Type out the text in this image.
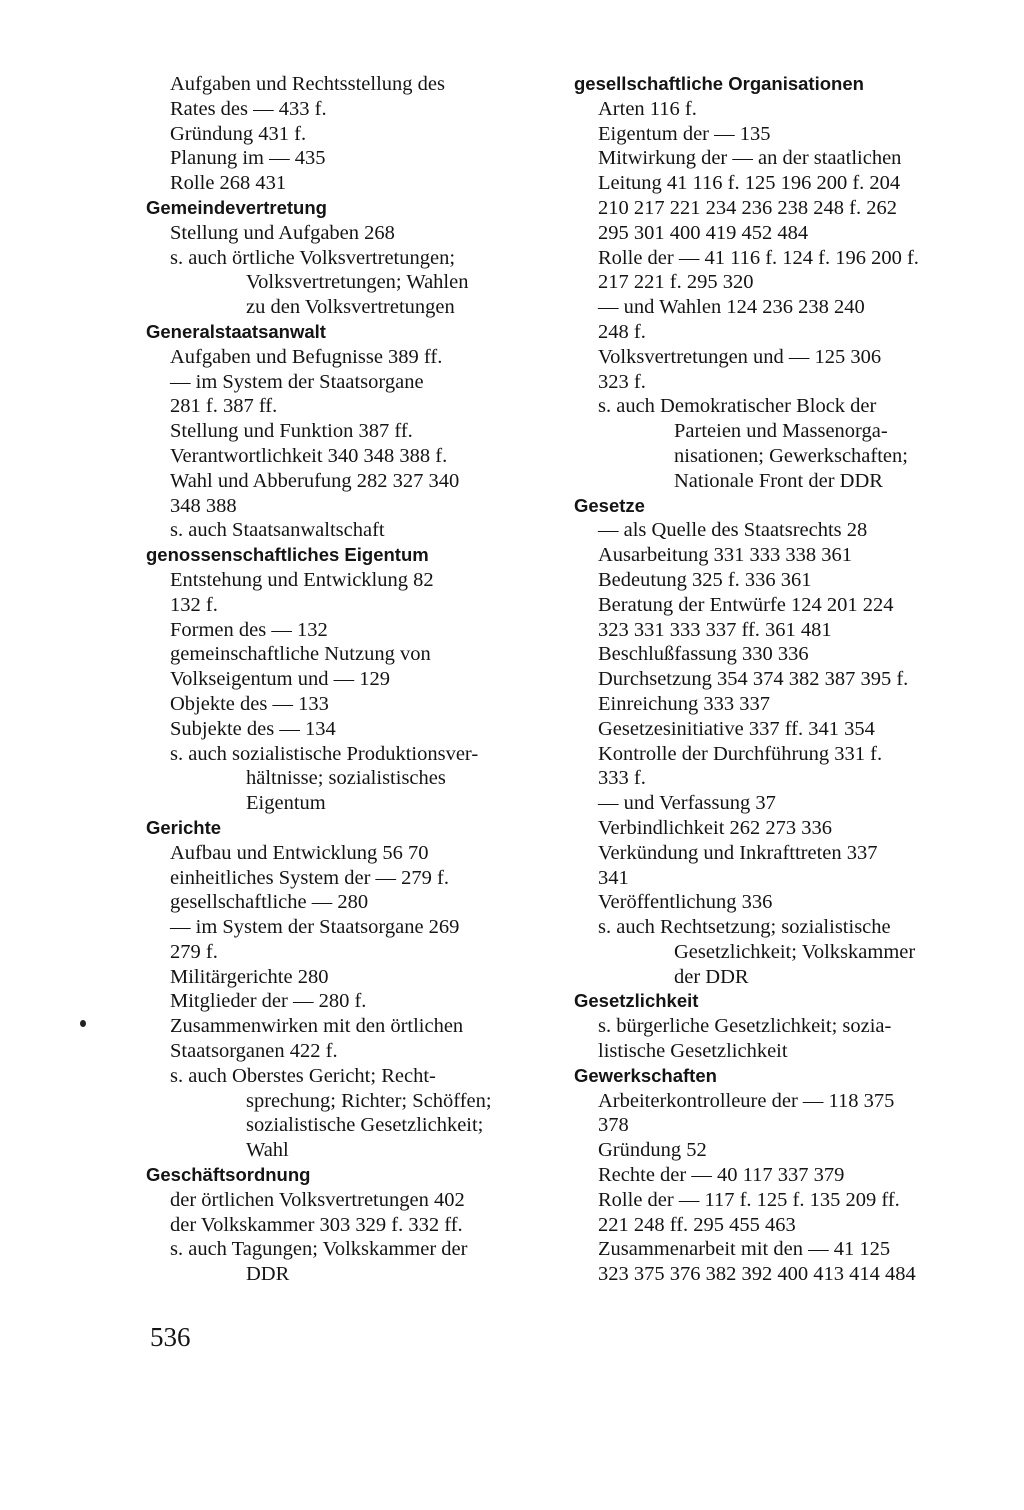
Aufgaben und Rechtsstellung des
Rates des — 433 f.
Gründung 431 f.
Planung im — 435
Rolle 268 431
Gemeindevertretung
Stellung und Aufgaben 268
s. auch örtliche Volksvertretungen;
Volksvertretungen; Wahlen
zu den Volksvertretungen
Generalstaatsanwalt
Aufgaben und Befugnisse 389 ff.
— im System der Staatsorgane
281 f. 387 ff.
Stellung und Funktion 387 ff.
Verantwortlichkeit 340 348 388 f.
Wahl und Abberufung 282 327 340
348 388
s. auch Staatsanwaltschaft
genossenschaftliches Eigentum
Entstehung und Entwicklung 82
132 f.
Formen des — 132
gemeinschaftliche Nutzung von
Volkseigentum und — 129
Objekte des — 133
Subjekte des — 134
s. auch sozialistische Produktionsver-
hältnisse; sozialistisches
Eigentum
Gerichte
Aufbau und Entwicklung 56 70
einheitliches System der — 279 f.
gesellschaftliche — 280
— im System der Staatsorgane 269
279 f.
Militärgerichte 280
Mitglieder der — 280 f.
Zusammenwirken mit den örtlichen
Staatsorganen 422 f.
s. auch Oberstes Gericht; Recht-
sprechung; Richter; Schöffen;
sozialistische Gesetzlichkeit;
Wahl
Geschäftsordnung
der örtlichen Volksvertretungen 402
der Volkskammer 303 329 f. 332 ff.
s. auch Tagungen; Volkskammer der
DDR
gesellschaftliche Organisationen
Arten 116 f.
Eigentum der — 135
Mitwirkung der — an der staatlichen
Leitung 41 116 f. 125 196 200 f. 204
210 217 221 234 236 238 248 f. 262
295 301 400 419 452 484
Rolle der — 41 116 f. 124 f. 196 200 f.
217 221 f. 295 320
— und Wahlen 124 236 238 240
248 f.
Volksvertretungen und — 125 306
323 f.
s. auch Demokratischer Block der
Parteien und Massenorga-
nisationen; Gewerkschaften;
Nationale Front der DDR
Gesetze
— als Quelle des Staatsrechts 28
Ausarbeitung 331 333 338 361
Bedeutung 325 f. 336 361
Beratung der Entwürfe 124 201 224
323 331 333 337 ff. 361 481
Beschlußfassung 330 336
Durchsetzung 354 374 382 387 395 f.
Einreichung 333 337
Gesetzesinitiative 337 ff. 341 354
Kontrolle der Durchführung 331 f.
333 f.
— und Verfassung 37
Verbindlichkeit 262 273 336
Verkündung und Inkrafttreten 337
341
Veröffentlichung 336
s. auch Rechtsetzung; sozialistische
Gesetzlichkeit; Volkskammer
der DDR
Gesetzlichkeit
s. bürgerliche Gesetzlichkeit; sozia-
listische Gesetzlichkeit
Gewerkschaften
Arbeiterkontrolleure der — 118 375
378
Gründung 52
Rechte der — 40 117 337 379
Rolle der — 117 f. 125 f. 135 209 ff.
221 248 ff. 295 455 463
Zusammenarbeit mit den — 41 125
323 375 376 382 392 400 413 414 484
536
